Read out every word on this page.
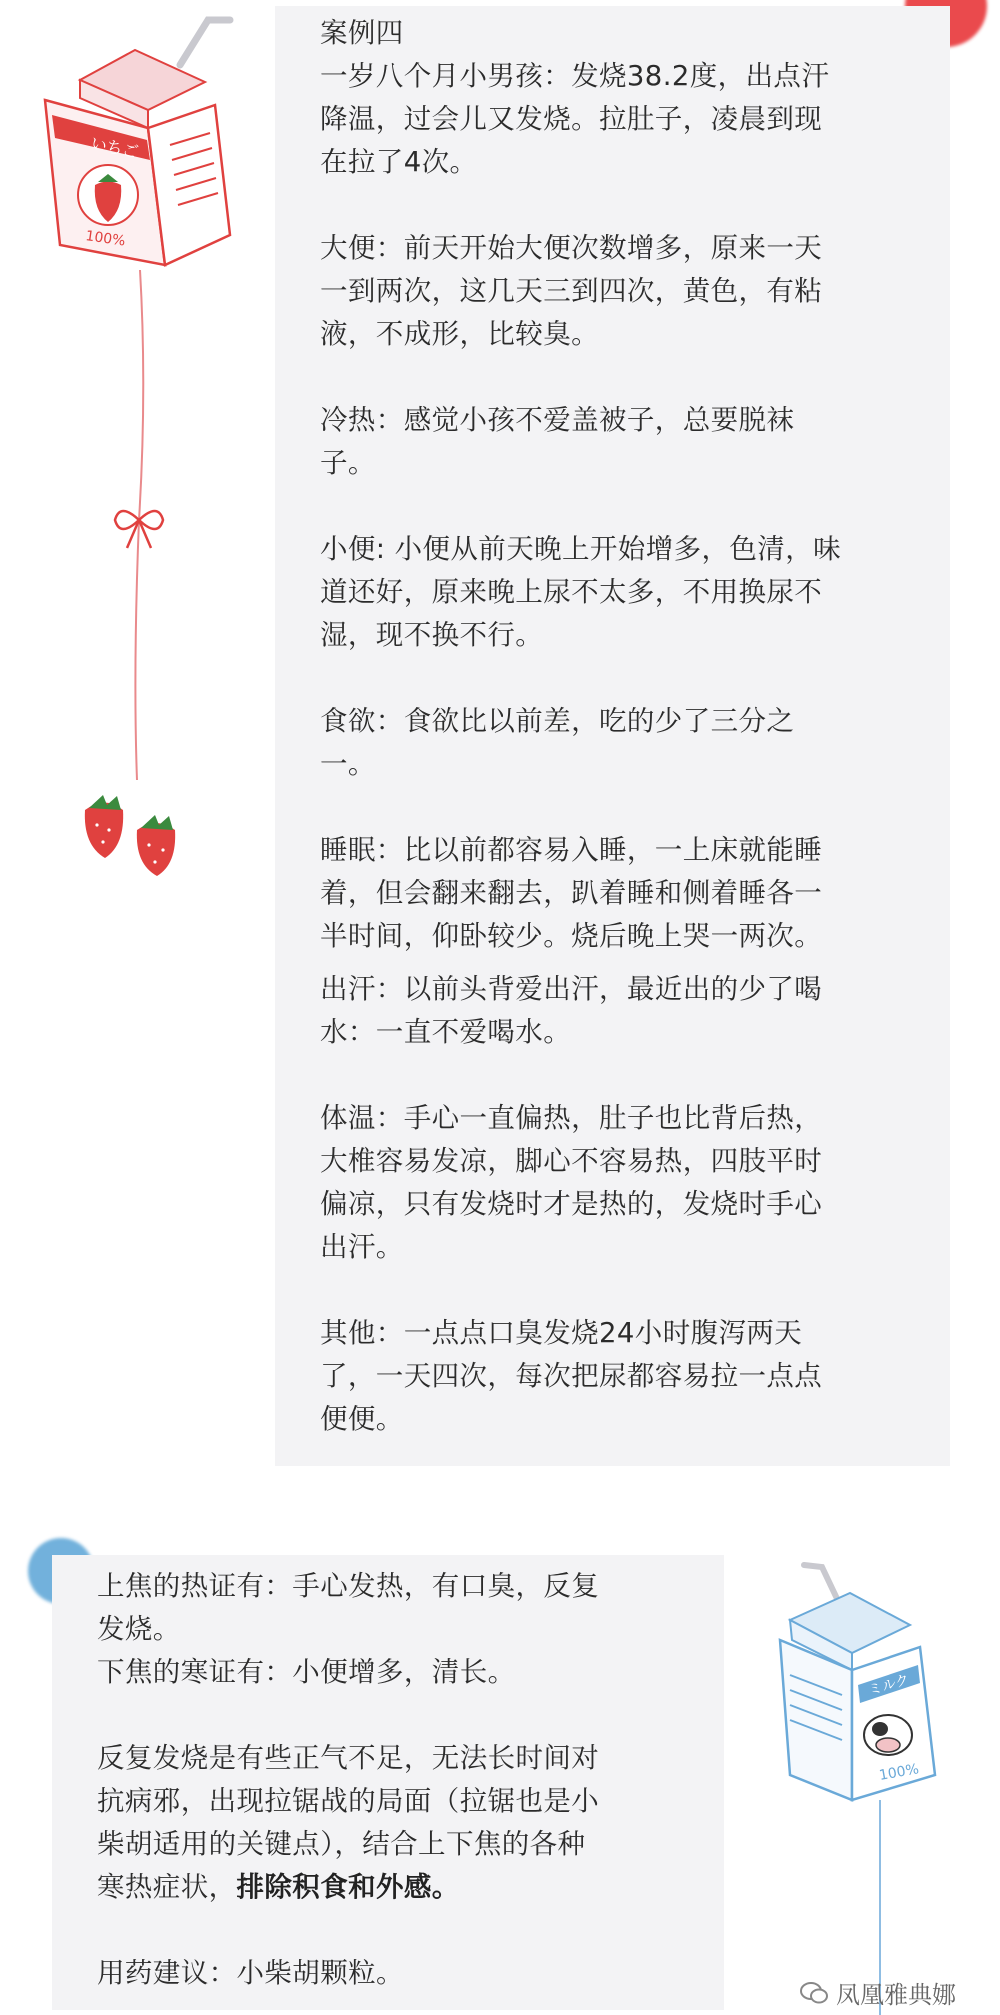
案例四

一岁八个月小男孩：发烧38.2度，出点汗
降温，过会儿又发烧。拉肚子，凌晨到现
在拉了4次。

大便：前天开始大便次数增多，原来一天
一到两次，这几天三到四次，黄色，有粘
液，不成形，比较臭。

冷热：感觉小孩不爱盖被子，总要脱袜
子。

小便: 小便从前天晚上开始增多，色清，味
道还好，原来晚上尿不太多，不用换尿不
湿，现不换不行。

食欲：食欲比以前差，吃的少了三分之
一。

睡眠：比以前都容易入睡，一上床就能睡
着，但会翻来翻去，趴着睡和侧着睡各一
半时间，仰卧较少。烧后晚上哭一两次。

出汗：以前头背爱出汗，最近出的少了喝
水：一直不爱喝水。

体温：手心一直偏热，肚子也比背后热，
大椎容易发凉，脚心不容易热，四肢平时
偏凉，只有发烧时才是热的，发烧时手心
出汗。

其他：一点点口臭发烧24小时腹泻两天
了，一天四次，每次把尿都容易拉一点点
便便。

いちご
100%

上焦的热证有：手心发热，有口臭，反复
发烧。

下焦的寒证有：小便增多，清长。

反复发烧是有些正气不足，无法长时间对
抗病邪，出现拉锯战的局面（拉锯也是小
柴胡适用的关键点），结合上下焦的各种
寒热症状，排除积食和外感。

用药建议：小柴胡颗粒。

ミルク
100%
凤凰雅典娜
